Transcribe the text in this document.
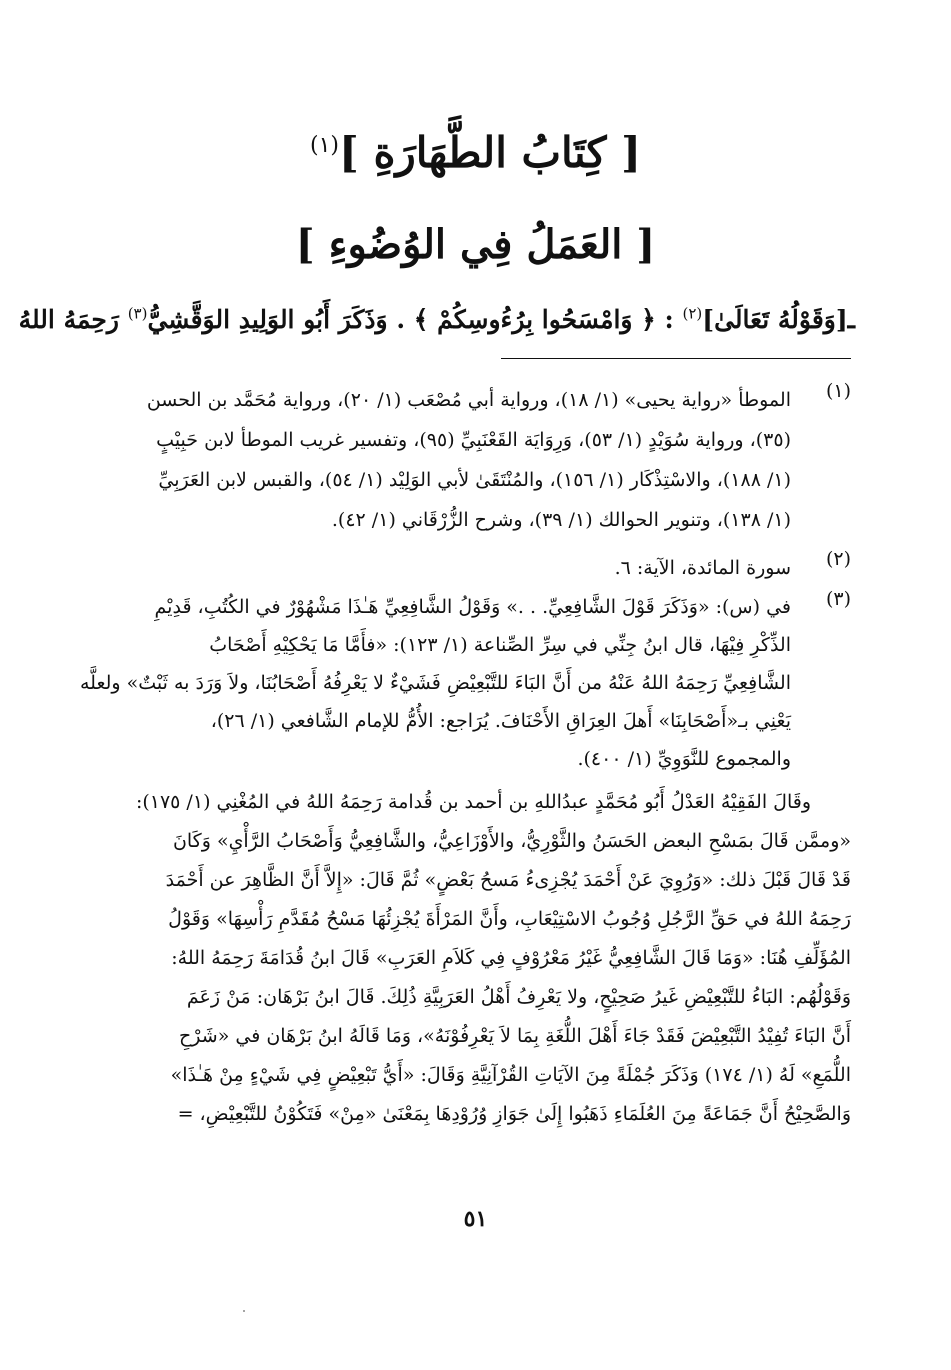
[ كِتَابُ الطَّهَارَةِ ]$^{(١)}$
[ العَمَلُ فِي الوُضُوءِ ]
ـ[وَقَوْلُهُ تَعَالَىٰ]$^{(٢)}$ : ﴿ وَامْسَحُوا بِرُءُوسِكُمْ ﴾ . وَذَكَرَ أَبُو الوَلِيدِ الوَقَّشِيُّ$^{(٣)}$ رَحِمَهُ اللهُ
(١)
الموطأ «رواية يحيى» (١/ ١٨)، ورواية أبي مُصْعَب (١/ ٢٠)، ورواية مُحَمَّد بن الحسن
(٣٥)، ورواية سُوَيْدٍ (١/ ٥٣)، وَرِوَايَة القَعْنَبِيِّ (٩٥)، وتفسير غريب الموطأ لابن حَبِيْبٍ
(١/ ١٨٨)، والاسْتِذْكَار (١/ ١٥٦)، والمُنْتَقَىٰ لأبي الوَلِيْد (١/ ٥٤)، والقبس لابن العَرَبِيِّ
(١/ ١٣٨)، وتنوير الحوالك (١/ ٣٩)، وشرح الزُّرْقَاني (١/ ٤٢).
(٢)
سورة المائدة، الآية: ٦.
(٣)
في (س): «وَذَكَرَ قَوْلَ الشَّافِعِيِّ. . .» وَقَوْلُ الشَّافِعِيِّ هَـٰذَا مَشْهُوْرٌ في الكُتُبِ، قَدِيْمِ
الذِّكْرِ فِيْهَا، قال ابنُ جِنِّي في سِرِّ الصِّناعة (١/ ١٢٣): «فأَمَّا مَا يَحْكِيْهِ أَصْحَابُ
الشَّافِعِيِّ رَحِمَهُ اللهُ عَنْهُ من أَنَّ البَاءَ للتَّبْعِيْضِ فَشَيْءٌ لا يَعْرِفُهُ أَصْحَابُنَا، ولاَ وَرَدَ به ثَبْتٌ» ولعلَّه
يَعْنِي بـ«أَصْحَابِنَا» أَهلَ العِرَاقِ الأَحْنَافَ. يُرَاجع: الأُمُّ للإمام الشَّافعي (١/ ٢٦)،
والمجموع للنَّوَوِيِّ (١/ ٤٠٠).
وقَالَ الفَقِيْهُ العَدْلُ أَبُو مُحَمَّدٍ عبدُاللهِ بن أحمد بن قُدامة رَحِمَهُ اللهُ في المُغْنِي (١/ ١٧٥):
«وممَّن قَالَ بمَسْحِ البعض الحَسَنُ والثَّوْرِيُّ، والأَوْزَاعِيُّ، والشَّافِعِيُّ وَأَصْحَابُ الرَّأْيِ» وَكَانَ
قَدْ قَالَ قَبْلَ ذلك: «وَرُوِيَ عَنْ أَحْمَدَ يُجْزِىءُ مَسحُ بَعْضٍ» ثُمَّ قَالَ: «إِلاَّ أَنَّ الظَّاهِرَ عن أَحْمَدَ
رَحِمَهُ اللهُ في حَقِّ الرَّجُلِ وُجُوبُ الاسْتِيْعَابِ، وأَنَّ المَرْأَةَ يُجْزِئُهَا مَسْحُ مُقَدَّمِ رَأْسِهَا» وَقَوْلُ
المُؤَلِّفِ هُنَا: «وَمَا قَالَ الشَّافِعِيُّ غَيْرُ مَعْرُوْفٍ فِي كَلاَمِ العَرَبِ» قَالَ ابنُ قُدَامَةَ رَحِمَهُ اللهُ:
وَقَوْلُهُم: البَاءُ للتَّبْعِيْضِ غَيرُ صَحِيْحٍ، ولا يَعْرِفُ أَهْلُ العَرَبِيَّةِ ذُلِكَ. قَالَ ابنُ بَرْهَان: مَنْ زَعَمَ
أَنَّ البَاءَ تُفِيْدُ التَّبْعِيْضَ فَقَدْ جَاءَ أَهْلَ اللُّغَةِ بِمَا لاَ يَعْرِفُوْنَهُ»، وَمَا قَالَهُ ابنُ بَرْهَان في «شَرْحِ
اللُّمَعِ» لَهُ (١/ ١٧٤) وَذَكَرَ جُمْلَةً مِنَ الآيَاتِ القُرْآنِيَّةِ وَقَالَ: «أَيُّ تَبْعِيْضٍ فِي شَيْءٍ مِنْ هَـٰذَا»
وَالصَّحِيْحُ أَنَّ جَمَاعَةً مِنَ العُلَمَاءِ ذَهَبُوا إِلَىٰ جَوَازِ وُرُوْدِهَا بِمَعْنَىٰ «مِنْ» فَتَكُوْنُ للتَّبْعِيْضِ، =
٥١
